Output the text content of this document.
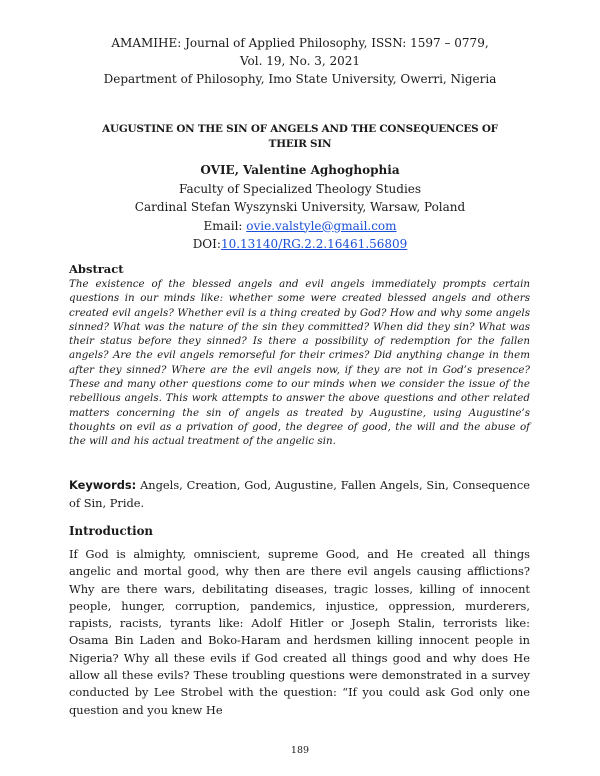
AMAMIHE: Journal of Applied Philosophy, ISSN: 1597 – 0779,
Vol. 19, No. 3, 2021
Department of Philosophy, Imo State University, Owerri, Nigeria
AUGUSTINE ON THE SIN OF ANGELS AND THE CONSEQUENCES OF THEIR SIN
OVIE, Valentine Aghoghophia
Faculty of Specialized Theology Studies
Cardinal Stefan Wyszynski University, Warsaw, Poland
Email: ovie.valstyle@gmail.com
DOI:10.13140/RG.2.2.16461.56809
Abstract
The existence of the blessed angels and evil angels immediately prompts certain questions in our minds like: whether some were created blessed angels and others created evil angels? Whether evil is a thing created by God? How and why some angels sinned? What was the nature of the sin they committed? When did they sin? What was their status before they sinned? Is there a possibility of redemption for the fallen angels? Are the evil angels remorseful for their crimes? Did anything change in them after they sinned? Where are the evil angels now, if they are not in God’s presence? These and many other questions come to our minds when we consider the issue of the rebellious angels. This work attempts to answer the above questions and other related matters concerning the sin of angels as treated by Augustine, using Augustine’s thoughts on evil as a privation of good, the degree of good, the will and the abuse of the will and his actual treatment of the angelic sin.
Keywords: Angels, Creation, God, Augustine, Fallen Angels, Sin, Consequence of Sin, Pride.
Introduction
If God is almighty, omniscient, supreme Good, and He created all things angelic and mortal good, why then are there evil angels causing afflictions? Why are there wars, debilitating diseases, tragic losses, killing of innocent people, hunger, corruption, pandemics, injustice, oppression, murderers, rapists, racists, tyrants like: Adolf Hitler or Joseph Stalin, terrorists like: Osama Bin Laden and Boko-Haram and herdsmen killing innocent people in Nigeria? Why all these evils if God created all things good and why does He allow all these evils? These troubling questions were demonstrated in a survey conducted by Lee Strobel with the question: “If you could ask God only one question and you knew He
189
